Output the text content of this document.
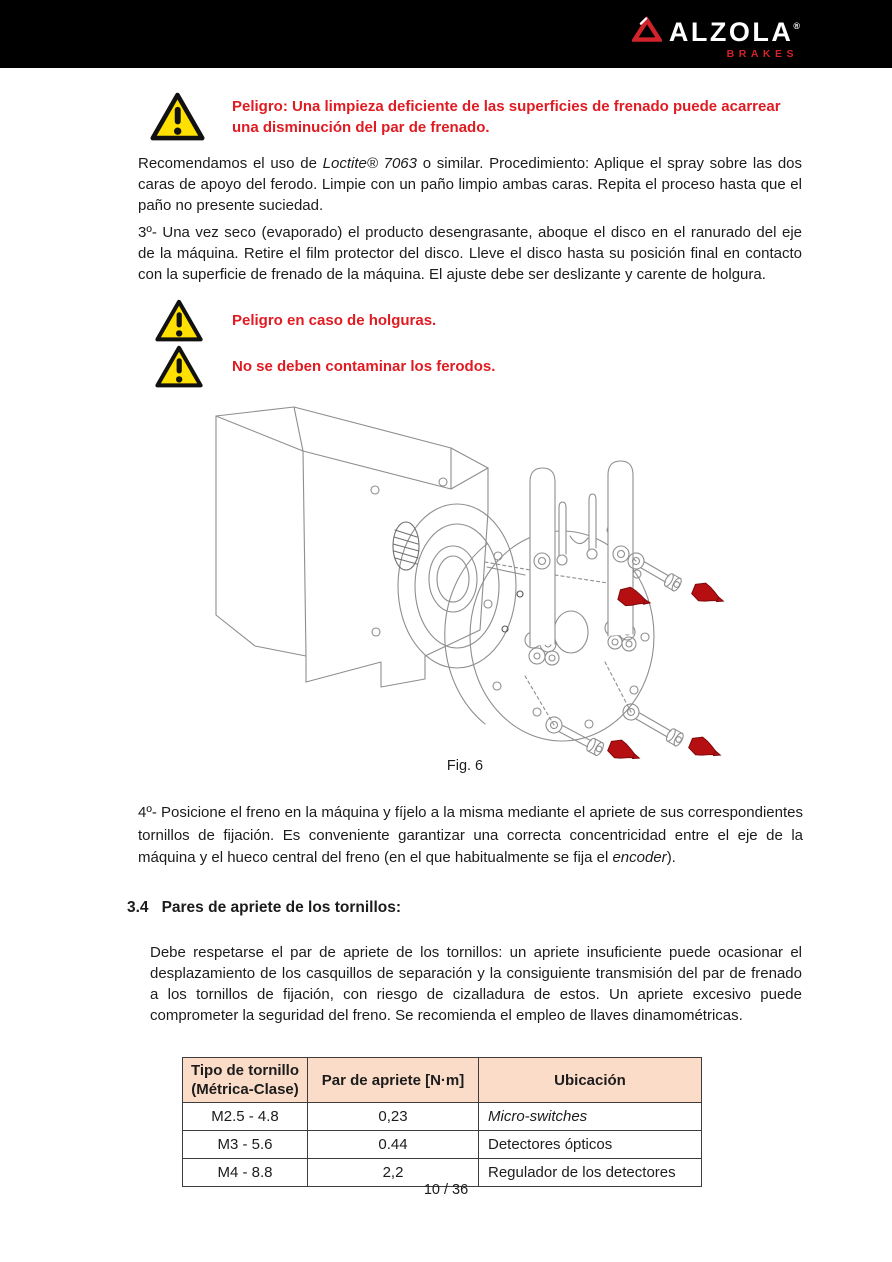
ALZOLA®
BRAKES

Peligro: Una limpieza deficiente de las superficies de frenado puede acarrear una disminución del par de frenado.

Recomendamos el uso de Loctite® 7063 o similar. Procedimiento: Aplique el spray sobre las dos caras de apoyo del ferodo. Limpie con un paño limpio ambas caras. Repita el proceso hasta que el paño no presente suciedad.

3º- Una vez seco (evaporado) el producto desengrasante, aboque el disco en el ranurado del eje de la máquina. Retire el film protector del disco. Lleve el disco hasta su posición final en contacto con la superficie de frenado de la máquina. El ajuste debe ser deslizante y carente de holgura.

Peligro en caso de holguras.

No se deben contaminar los ferodos.

Fig. 6

4º- Posicione el freno en la máquina y fíjelo a la misma mediante el apriete de sus correspondientes tornillos de fijación. Es conveniente garantizar una correcta concentricidad entre el eje de la máquina y el hueco central del freno (en el que habitualmente se fija el encoder).

3.4 Pares de apriete de los tornillos:

Debe respetarse el par de apriete de los tornillos: un apriete insuficiente puede ocasionar el desplazamiento de los casquillos de separación y la consiguiente transmisión del par de frenado a los tornillos de fijación, con riesgo de cizalladura de estos. Un apriete excesivo puede comprometer la seguridad del freno. Se recomienda el empleo de llaves dinamométricas.

Tipo de tornillo
(Métrica-Clase)	Par de apriete [N·m]	Ubicación
M2.5 - 4.8	0,23	Micro-switches
M3 - 5.6	0.44	Detectores ópticos
M4 - 8.8	2,2	Regulador de los detectores
10 / 36
